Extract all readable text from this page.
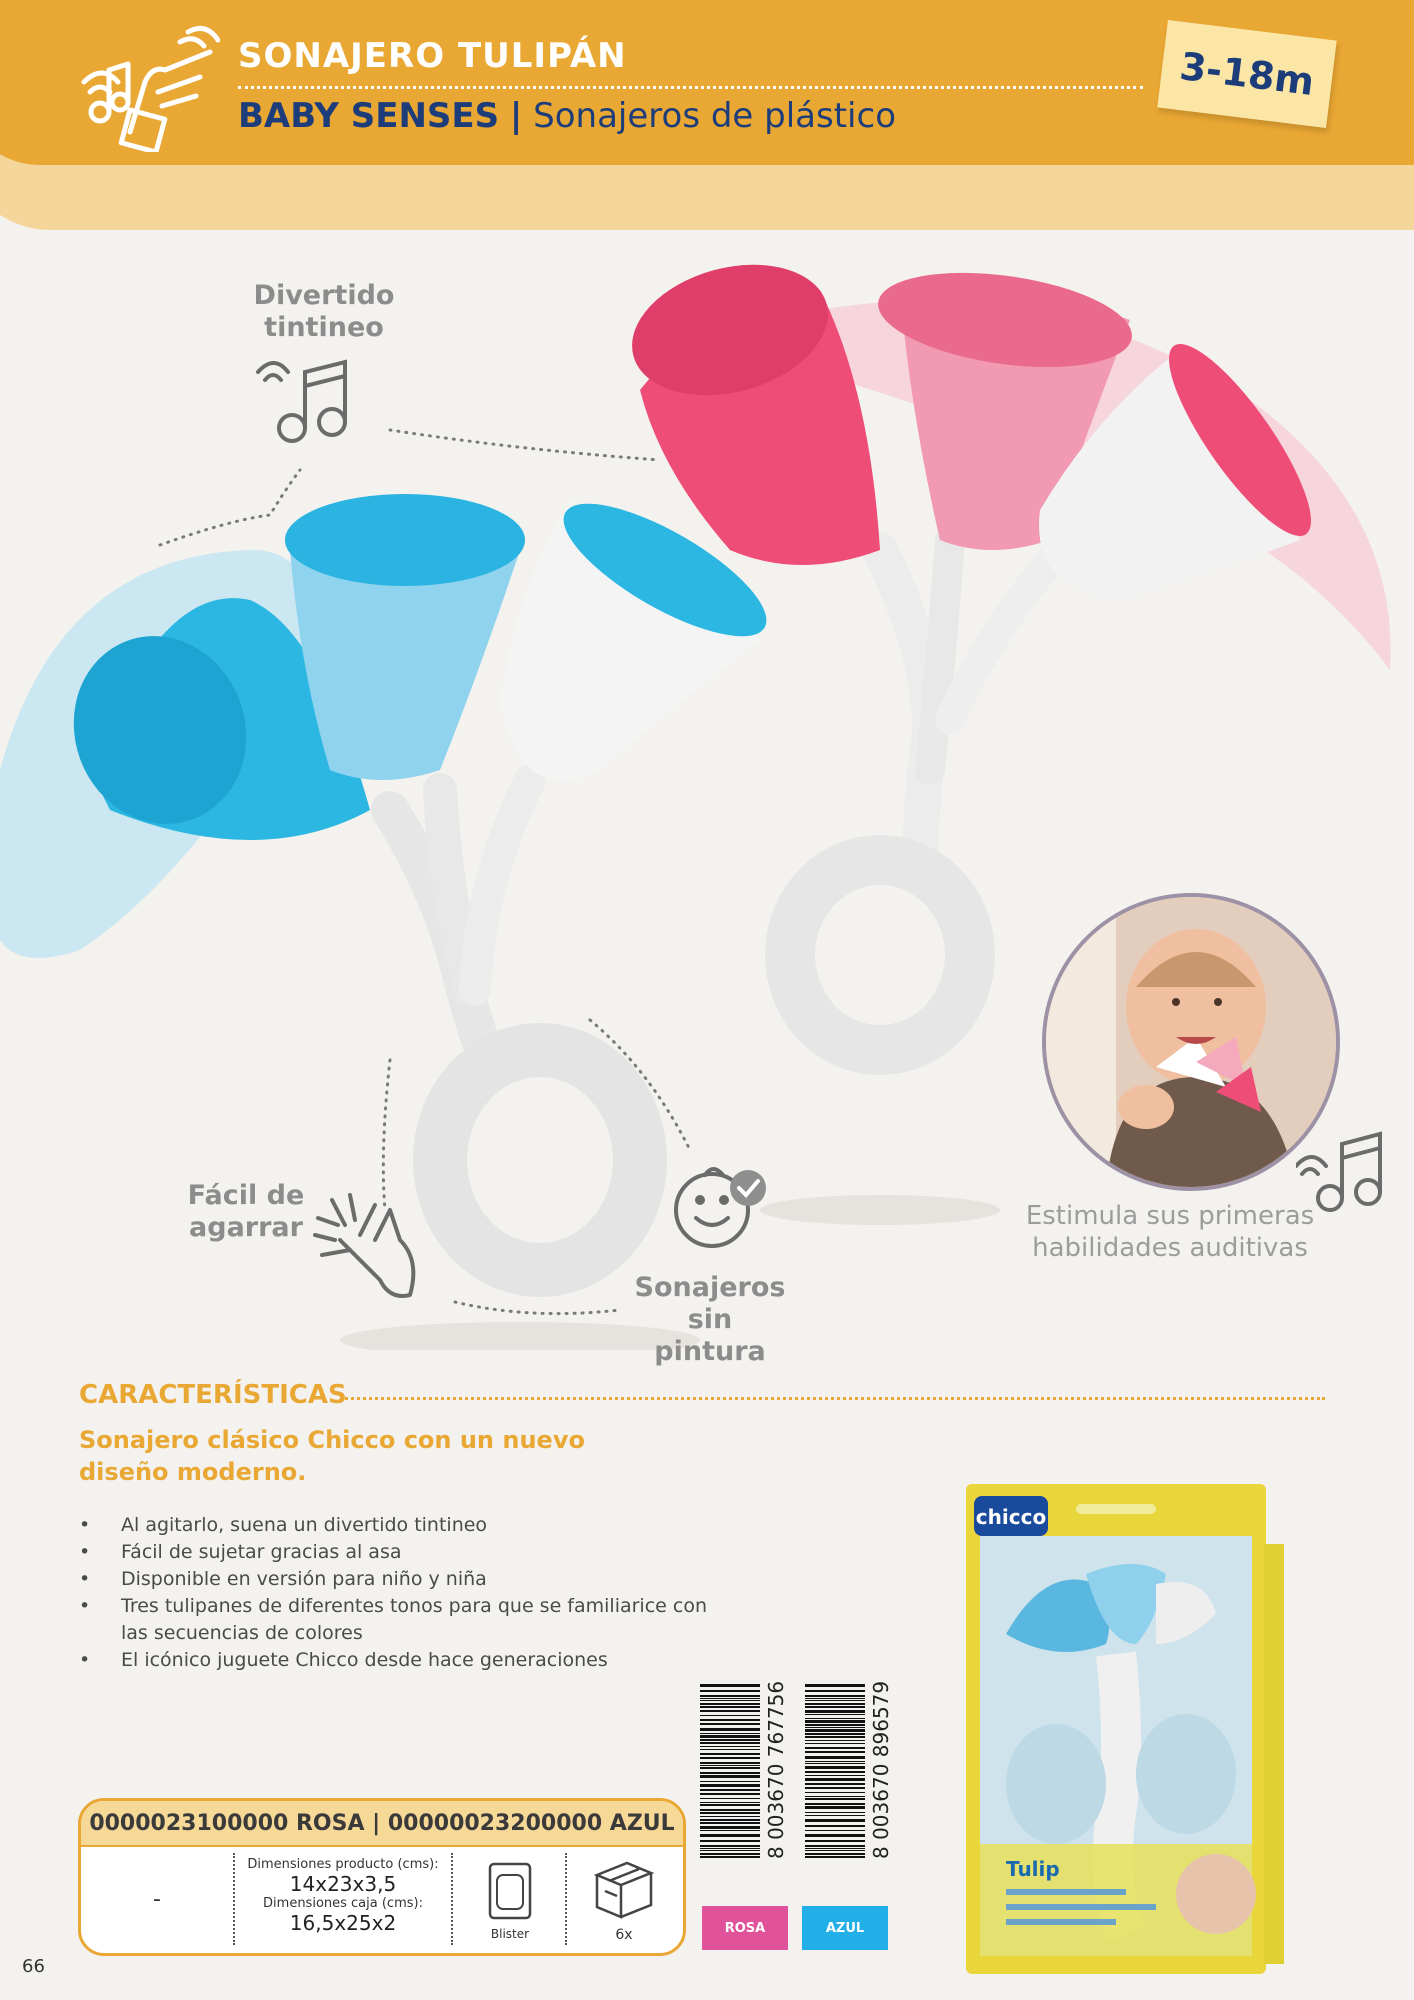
SONAJERO TULIPÁN
BABY SENSES | Sonajeros de plástico
3-18m
Divertido
tintineo
Fácil de
agarrar
Sonajeros
sin pintura
Estimula sus primeras
habilidades auditivas
CARACTERÍSTICAS
Sonajero clásico Chicco con un nuevo diseño moderno.
• Al agitarlo, suena un divertido tintineo
• Fácil de sujetar gracias al asa
• Disponible en versión para niño y niña
• Tres tulipanes de diferentes tonos para que se familiarice con las secuencias de colores
• El icónico juguete Chicco desde hace generaciones
0000023100000 ROSA | 00000023200000 AZUL
-
Dimensiones producto (cms):
14x23x3,5
Dimensiones caja (cms):
16,5x25x2	Blister	6x
8 003670 767756	8 003670 896579
ROSA	AZUL
chicco
Tulip
66
